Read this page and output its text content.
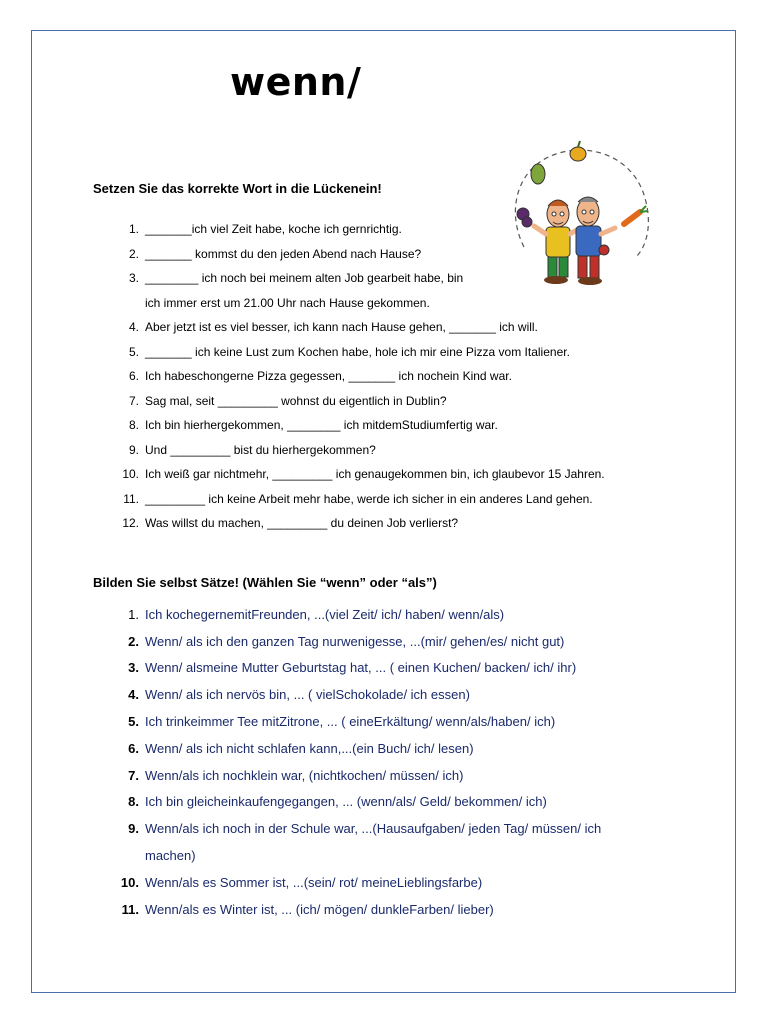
wenn/
Setzen Sie das korrekte Wort in die Lückenein!
1. _______ich viel Zeit habe, koche ich gernrichtig.
2. _______ kommst du den jeden Abend nach Hause?
3. ________ ich noch bei meinem alten Job gearbeit habe, bin
ich immer erst um 21.00 Uhr nach Hause gekommen.
4. Aber jetzt ist es viel besser, ich kann nach Hause gehen, _______ ich will.
5. _______ ich keine Lust zum Kochen habe, hole ich mir eine Pizza vom Italiener.
6. Ich habeschongerne Pizza gegessen, _______ ich nochein Kind war.
7. Sag mal, seit _________ wohnst du eigentlich in Dublin?
8. Ich bin hierhergekommen, ________ ich mitdemStudiumfertig war.
9. Und _________ bist du hierhergekommen?
10. Ich weiß gar nichtmehr, _________ ich genaugekommen bin, ich glaubevor 15 Jahren.
11. _________ ich keine Arbeit mehr habe, werde ich sicher in ein anderes Land gehen.
12. Was willst du machen, _________ du deinen Job verlierst?
Bilden Sie selbst Sätze! (Wählen Sie “wenn” oder “als”)
1. Ich kochegernemitFreunden, ...(viel Zeit/ ich/ haben/ wenn/als)
2. Wenn/ als ich den ganzen Tag nurwenigesse, ...(mir/ gehen/es/ nicht gut)
3. Wenn/ alsmeine Mutter Geburtstag hat, ... ( einen Kuchen/ backen/ ich/ ihr)
4. Wenn/ als ich nervös bin, ... ( vielSchokolade/ ich essen)
5. Ich trinkeimmer Tee mitZitrone, ... ( eineErkältung/ wenn/als/haben/ ich)
6. Wenn/ als ich nicht schlafen kann,...(ein Buch/ ich/ lesen)
7. Wenn/als ich nochklein war, (nichtkochen/ müssen/ ich)
8. Ich bin gleicheinkaufengegangen, ... (wenn/als/ Geld/ bekommen/ ich)
9. Wenn/als ich noch in der Schule war, ...(Hausaufgaben/ jeden Tag/ müssen/ ich
machen)
10. Wenn/als es Sommer ist, ...(sein/ rot/ meineLieblingsfarbe)
11. Wenn/als es Winter ist, ... (ich/ mögen/ dunkleFarben/ lieber)
